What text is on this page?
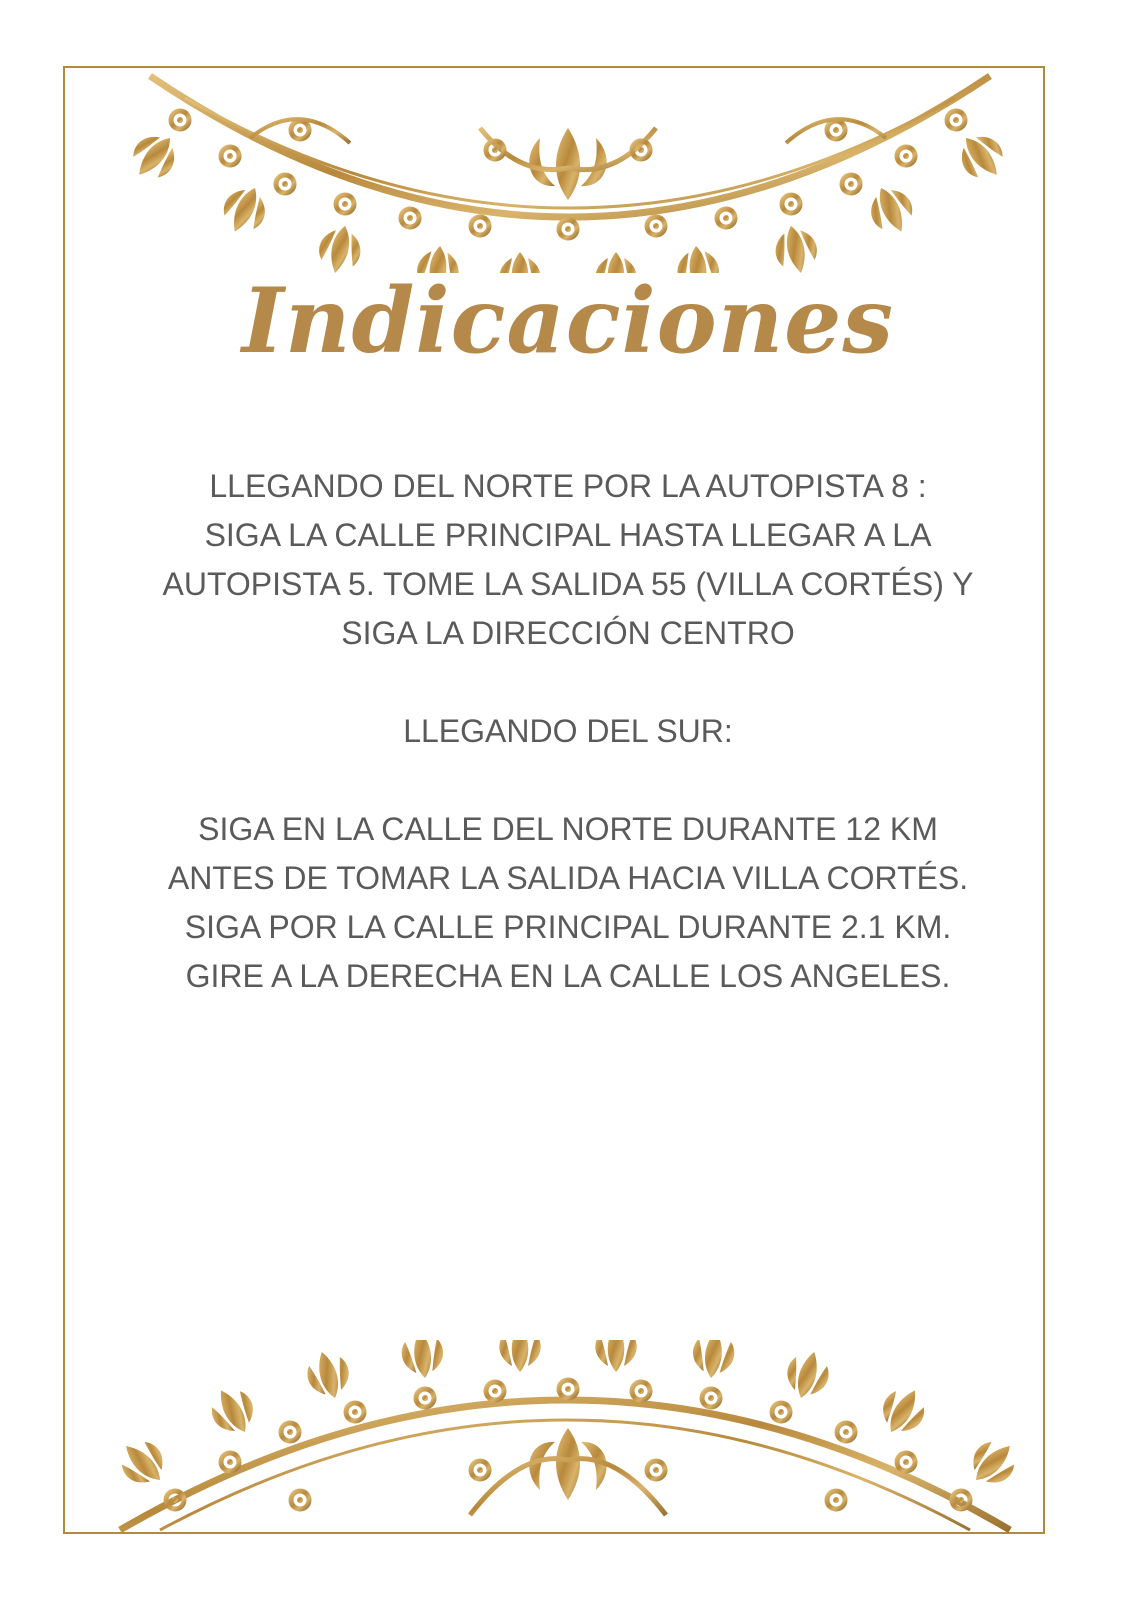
Indicaciones

LLEGANDO DEL NORTE POR LA AUTOPISTA 8 :

SIGA LA CALLE PRINCIPAL HASTA LLEGAR A LA

AUTOPISTA 5. TOME LA SALIDA 55 (VILLA CORTÉS) Y

SIGA LA DIRECCIÓN CENTRO

LLEGANDO DEL SUR:

SIGA EN LA CALLE DEL NORTE DURANTE 12 KM

ANTES DE TOMAR LA SALIDA HACIA VILLA CORTÉS.

SIGA POR LA CALLE PRINCIPAL DURANTE 2.1 KM.

GIRE A LA DERECHA EN LA CALLE LOS ANGELES.
